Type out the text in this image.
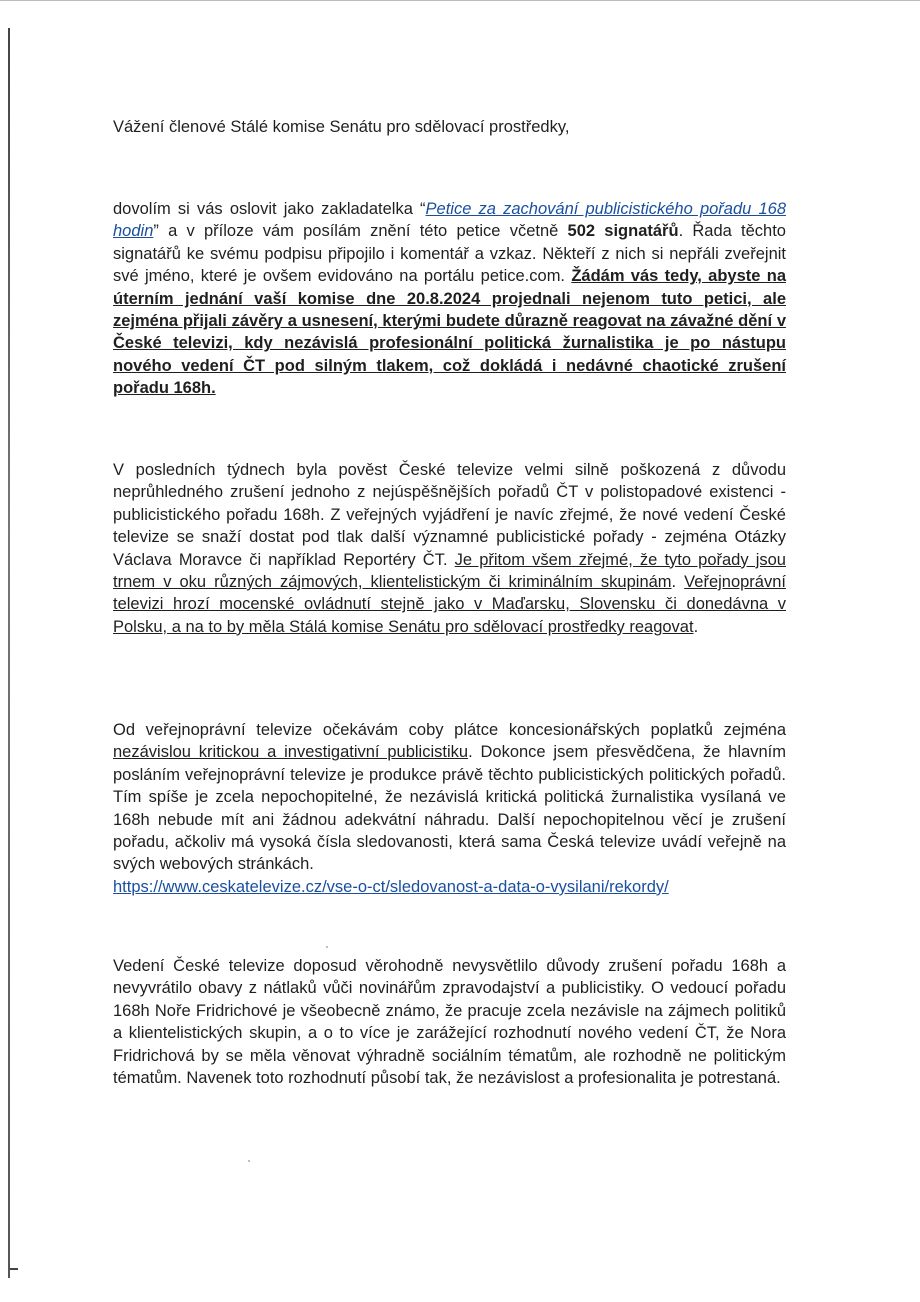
Vážení členové Stálé komise Senátu pro sdělovací prostředky,

dovolím si vás oslovit jako zakladatelka “Petice za zachování publicistického pořadu 168 hodin” a v příloze vám posílám znění této petice včetně 502 signatářů. Řada těchto signatářů ke svému podpisu připojilo i komentář a vzkaz. Někteří z nich si nepřáli zveřejnit své jméno, které je ovšem evidováno na portálu petice.com. Žádám vás tedy, abyste na úterním jednání vaší komise dne 20.8.2024 projednali nejenom tuto petici, ale zejména přijali závěry a usnesení, kterými budete důrazně reagovat na závažné dění v České televizi, kdy nezávislá profesionální politická žurnalistika je po nástupu nového vedení ČT pod silným tlakem, což dokládá i nedávné chaotické zrušení pořadu 168h.

V posledních týdnech byla pověst České televize velmi silně poškozená z důvodu neprůhledného zrušení jednoho z nejúspěšnějších pořadů ČT v polistopadové existenci - publicistického pořadu 168h. Z veřejných vyjádření je navíc zřejmé, že nové vedení České televize se snaží dostat pod tlak další významné publicistické pořady - zejména Otázky Václava Moravce či například Reportéry ČT. Je přitom všem zřejmé, že tyto pořady jsou trnem v oku různých zájmových, klientelistickým či kriminálním skupinám. Veřejnoprávní televizi hrozí mocenské ovládnutí stejně jako v Maďarsku, Slovensku či donedávna v Polsku, a na to by měla Stálá komise Senátu pro sdělovací prostředky reagovat.

Od veřejnoprávní televize očekávám coby plátce koncesionářských poplatků zejména nezávislou kritickou a investigativní publicistiku. Dokonce jsem přesvědčena, že hlavním posláním veřejnoprávní televize je produkce právě těchto publicistických politických pořadů. Tím spíše je zcela nepochopitelné, že nezávislá kritická politická žurnalistika vysílaná ve 168h nebude mít ani žádnou adekvátní náhradu. Další nepochopitelnou věcí je zrušení pořadu, ačkoliv má vysoká čísla sledovanosti, která sama Česká televize uvádí veřejně na svých webových stránkách.
https://www.ceskatelevize.cz/vse-o-ct/sledovanost-a-data-o-vysilani/rekordy/

Vedení České televize doposud věrohodně nevysvětlilo důvody zrušení pořadu 168h a nevyvrátilo obavy z nátlaků vůči novinářům zpravodajství a publicistiky. O vedoucí pořadu 168h Noře Fridrichové je všeobecně známo, že pracuje zcela nezávisle na zájmech politiků a klientelistických skupin, a o to více je zarážející rozhodnutí nového vedení ČT, že Nora Fridrichová by se měla věnovat výhradně sociálním tématům, ale rozhodně ne politickým tématům. Navenek toto rozhodnutí působí tak, že nezávislost a profesionalita je potrestaná.
